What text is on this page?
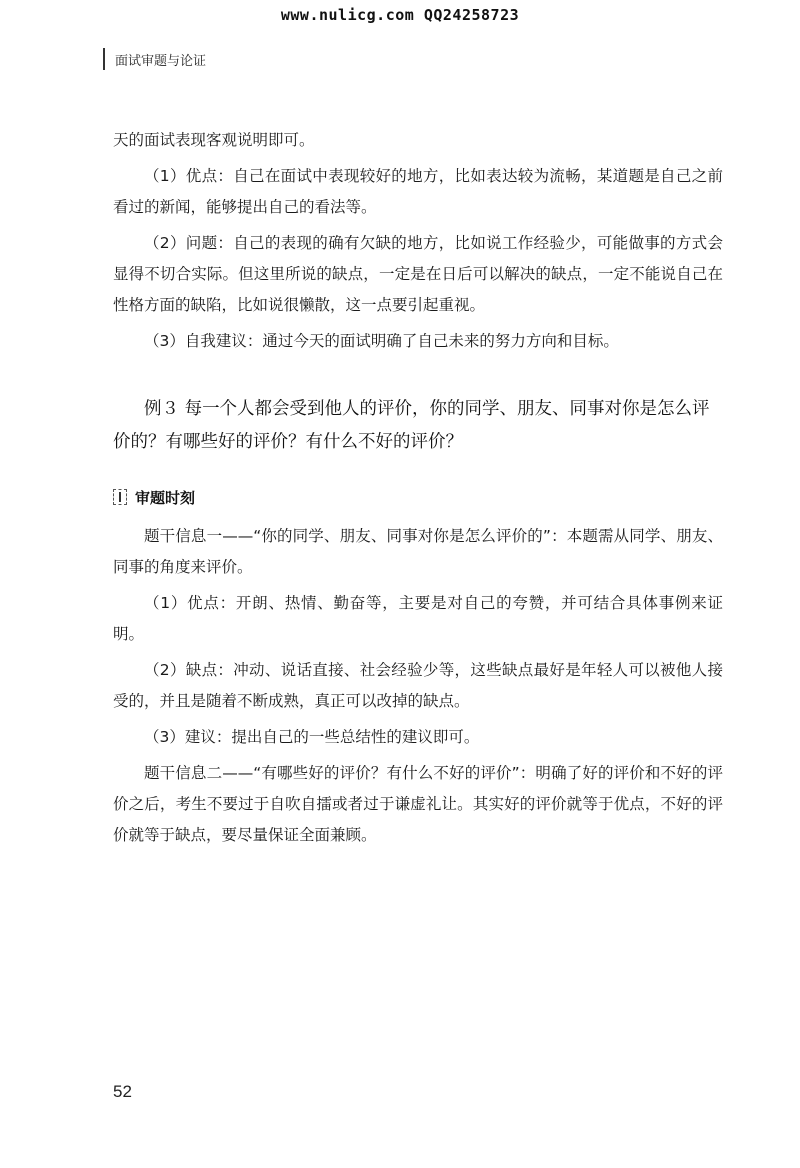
www.nulicg.com QQ24258723
面试审题与论证

天的面试表现客观说明即可。

（1）优点：自己在面试中表现较好的地方，比如表达较为流畅，某道题是自己之前看过的新闻，能够提出自己的看法等。

（2）问题：自己的表现的确有欠缺的地方，比如说工作经验少，可能做事的方式会显得不切合实际。但这里所说的缺点，一定是在日后可以解决的缺点，一定不能说自己在性格方面的缺陷，比如说很懒散，这一点要引起重视。

（3）自我建议：通过今天的面试明确了自己未来的努力方向和目标。

例３ 每一个人都会受到他人的评价，你的同学、朋友、同事对你是怎么评价的？有哪些好的评价？有什么不好的评价？

审题时刻

题干信息一——“你的同学、朋友、同事对你是怎么评价的”：本题需从同学、朋友、同事的角度来评价。

（1）优点：开朗、热情、勤奋等，主要是对自己的夸赞，并可结合具体事例来证明。

（2）缺点：冲动、说话直接、社会经验少等，这些缺点最好是年轻人可以被他人接受的，并且是随着不断成熟，真正可以改掉的缺点。

（3）建议：提出自己的一些总结性的建议即可。

题干信息二——“有哪些好的评价？有什么不好的评价”：明确了好的评价和不好的评价之后，考生不要过于自吹自擂或者过于谦虚礼让。其实好的评价就等于优点，不好的评价就等于缺点，要尽量保证全面兼顾。

52
